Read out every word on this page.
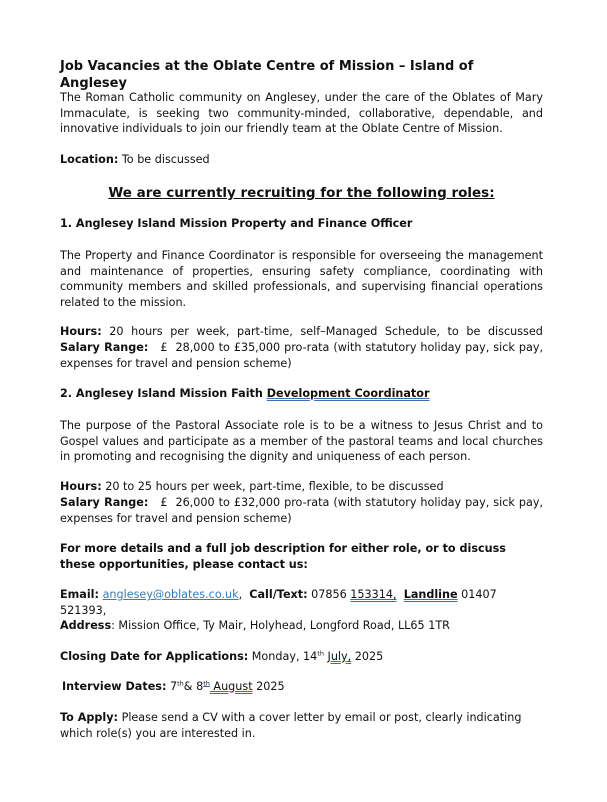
Job Vacancies at the Oblate Centre of Mission – Island of Anglesey

The Roman Catholic community on Anglesey, under the care of the Oblates of Mary Immaculate, is seeking two community-minded, collaborative, dependable, and innovative individuals to join our friendly team at the Oblate Centre of Mission.

Location: To be discussed

We are currently recruiting for the following roles:
1. Anglesey Island Mission Property and Finance Officer

The Property and Finance Coordinator is responsible for overseeing the management and maintenance of properties, ensuring safety compliance, coordinating with community members and skilled professionals, and supervising financial operations related to the mission.

Hours: 20 hours per week, part-time, self–Managed Schedule, to be discussed

Salary Range: £  28,000 to £35,000 pro-rata (with statutory holiday pay, sick pay, expenses for travel and pension scheme)

2. Anglesey Island Mission Faith Development Coordinator

The purpose of the Pastoral Associate role is to be a witness to Jesus Christ and to Gospel values and participate as a member of the pastoral teams and local churches in promoting and recognising the dignity and uniqueness of each person.

Hours: 20 to 25 hours per week, part-time, flexible, to be discussed

Salary Range: £  26,000 to £32,000 pro-rata (with statutory holiday pay, sick pay, expenses for travel and pension scheme)

For more details and a full job description for either role, or to discuss these opportunities, please contact us:

Email: anglesey@oblates.co.uk,  Call/Text: 07856 153314, Landline 01407 521393,

Address: Mission Office, Ty Mair, Holyhead, Longford Road, LL65 1TR

Closing Date for Applications: Monday, 14th July, 2025

Interview Dates: 7th& 8th August 2025

To Apply: Please send a CV with a cover letter by email or post, clearly indicating which role(s) you are interested in.
